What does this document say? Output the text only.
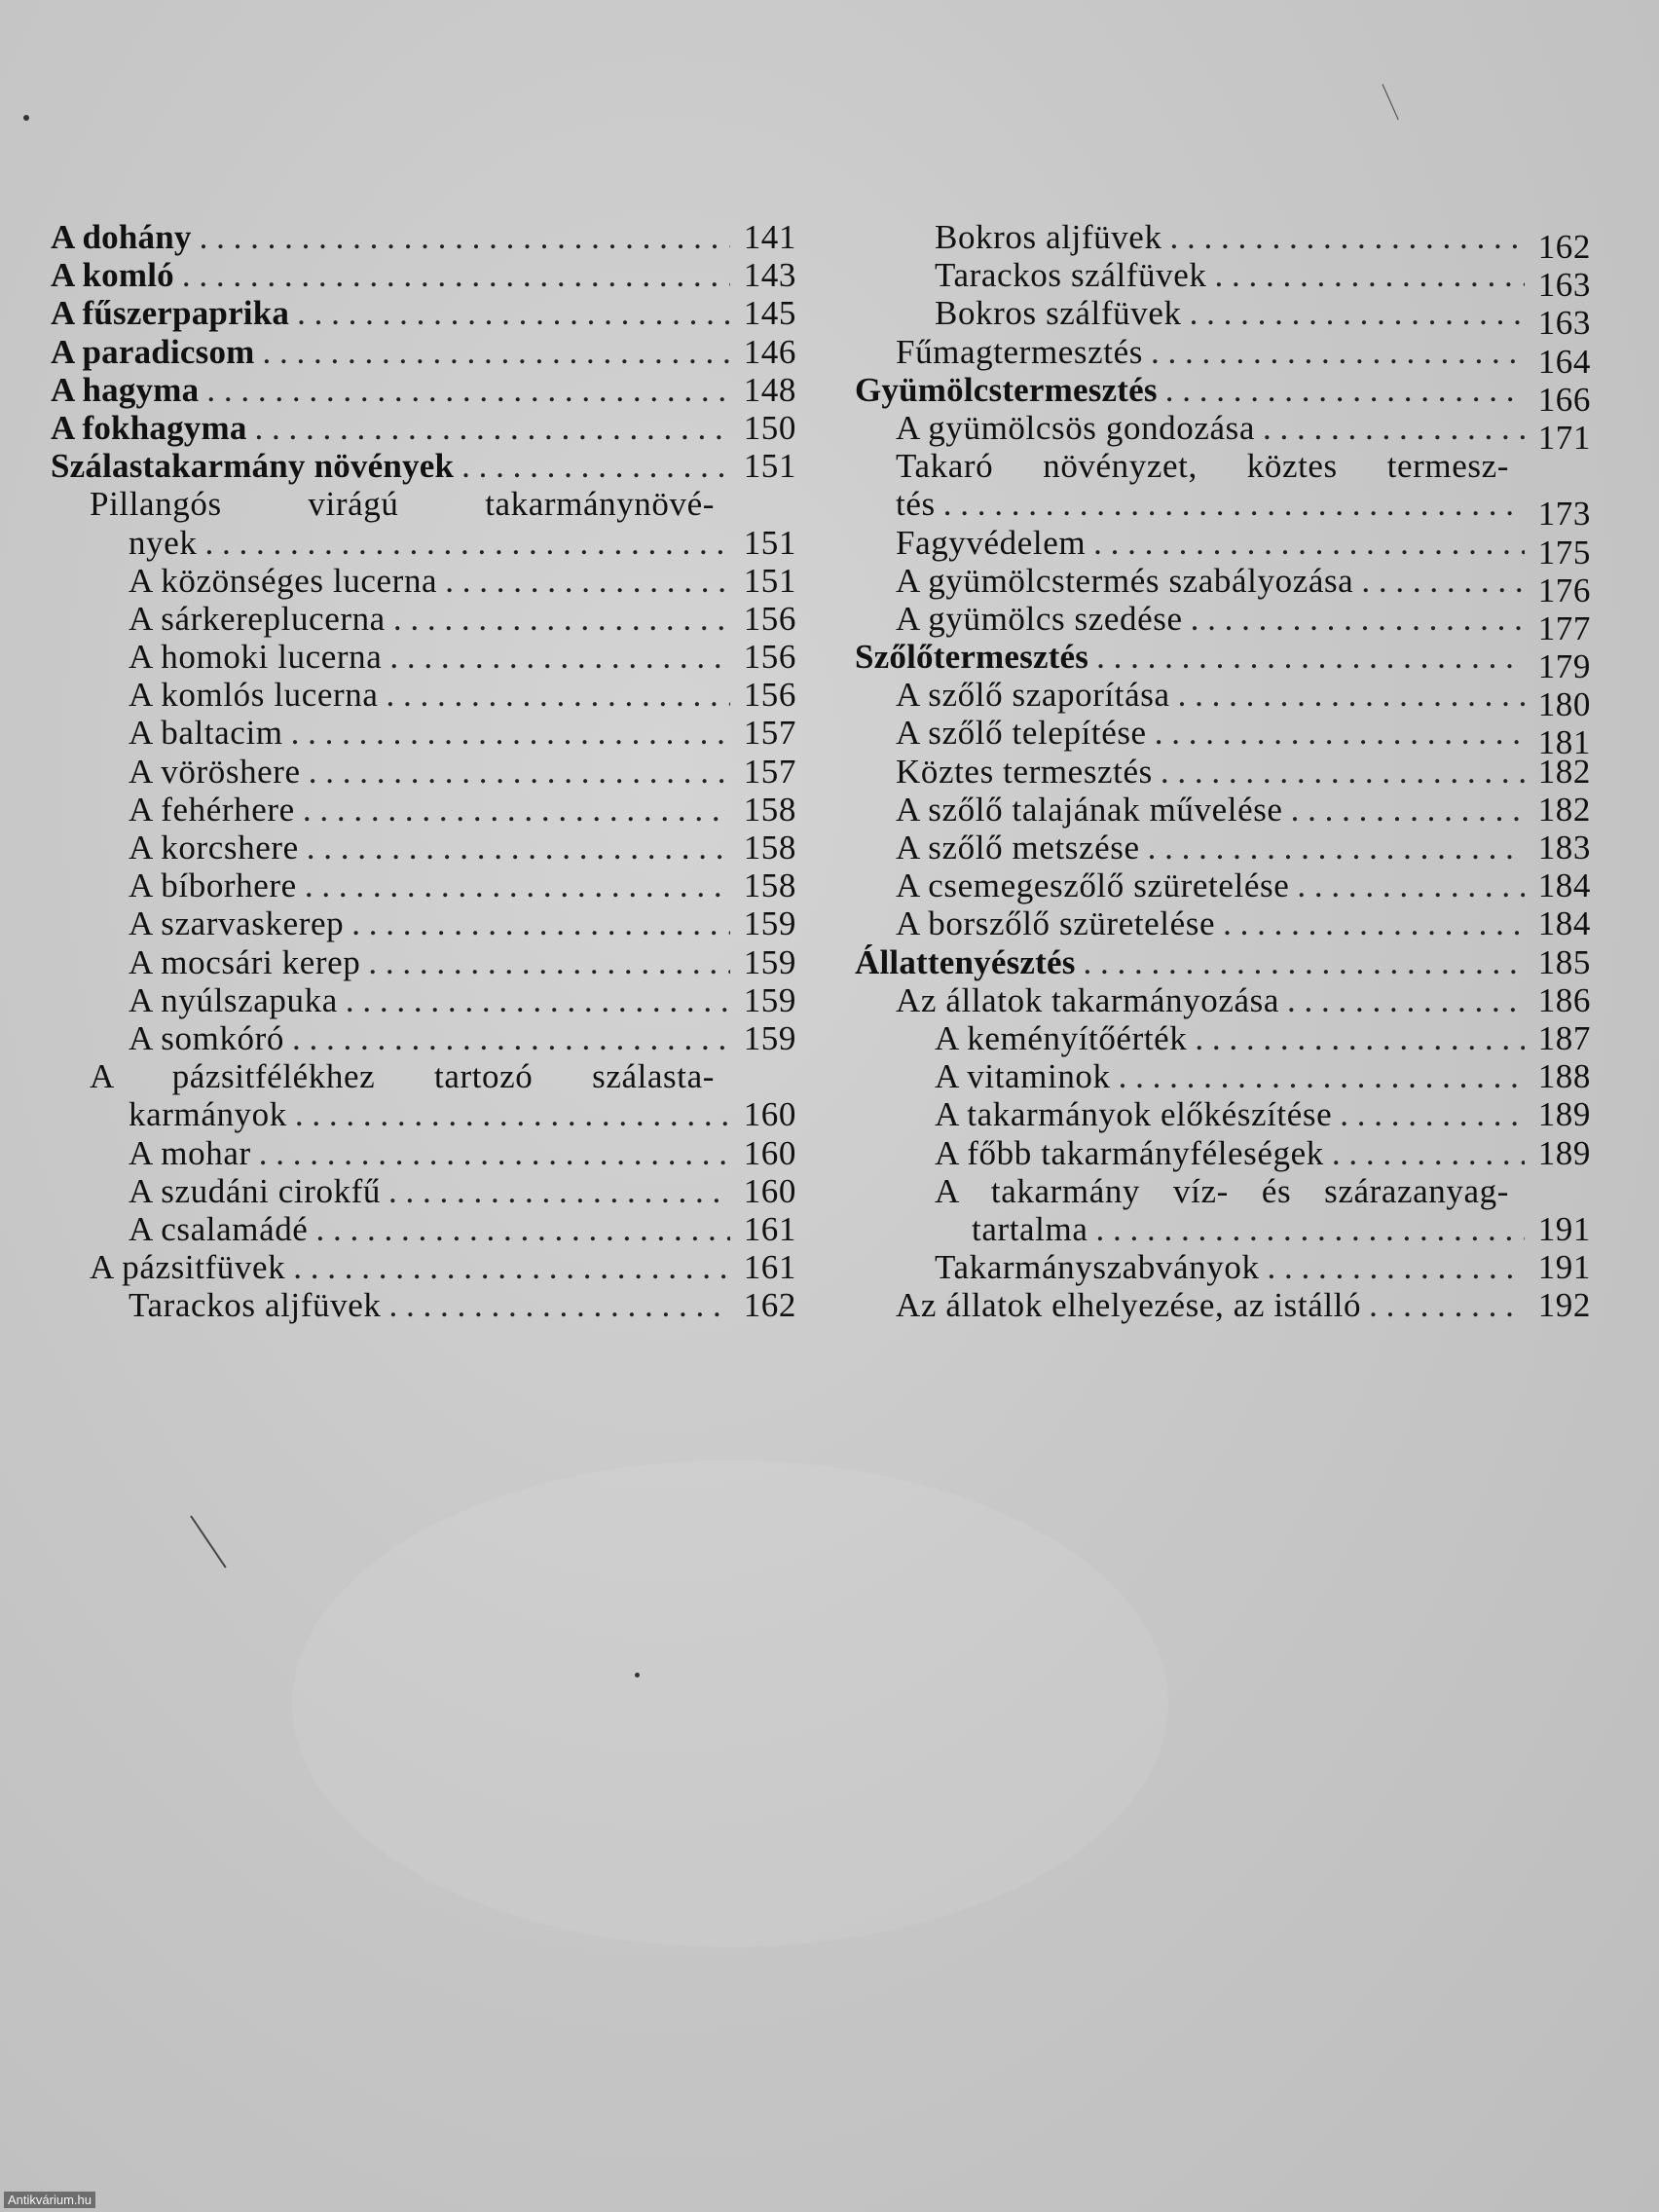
A dohány . . .	141
A komló . . .	143
A fűszerpaprika . . .	145
A paradicsom . . .	146
A hagyma . . .	148
A fokhagyma . . .	150
Szálastakarmány növények . . .	151
Pillangós virágú takarmánynövé-
nyek . . .	151
A közönséges lucerna . . .	151
A sárkereplucerna . . .	156
A homoki lucerna . . .	156
A komlós lucerna . . .	156
A baltacim . . .	157
A vöröshere . . .	157
A fehérhere . . .	158
A korcshere . . .	158
A bíborhere . . .	158
A szarvaskerep . . .	159
A mocsári kerep . . .	159
A nyúlszapuka . . .	159
A somkóró . . .	159
A pázsitfélékhez tartozó szálasta-
karmányok . . .	160
A mohar . . .	160
A szudáni cirokfű . . .	160
A csalamádé . . .	161
A pázsitfüvek . . .	161
Tarackos aljfüvek . . .	162
Bokros aljfüvek . . .	162
Tarackos szálfüvek . . .	163
Bokros szálfüvek . . .	163
Fűmagtermesztés . . .	164
Gyümölcstermesztés . . .	166
A gyümölcsös gondozása . . .	171
Takaró növényzet, köztes termesz-
tés . . .	173
Fagyvédelem . . .	175
A gyümölcstermés szabályozása . . .	176
A gyümölcs szedése . . .	177
Szőlőtermesztés . . .	179
A szőlő szaporítása . . .	180
A szőlő telepítése . . .	181
Köztes termesztés . . .	182
A szőlő talajának művelése . . .	182
A szőlő metszése . . .	183
A csemegeszőlő szüretelése . . .	184
A borszőlő szüretelése . . .	184
Állattenyésztés . . .	185
Az állatok takarmányozása . . .	186
A keményítőérték . . .	187
A vitaminok . . .	188
A takarmányok előkészítése . . .	189
A főbb takarmányféleségek . . .	189
A takarmány víz- és szárazanyag-
tartalma . . .	191
Takarmányszabványok . . .	191
Az állatok elhelyezése, az istálló . . .	192
Antikvárium.hu
